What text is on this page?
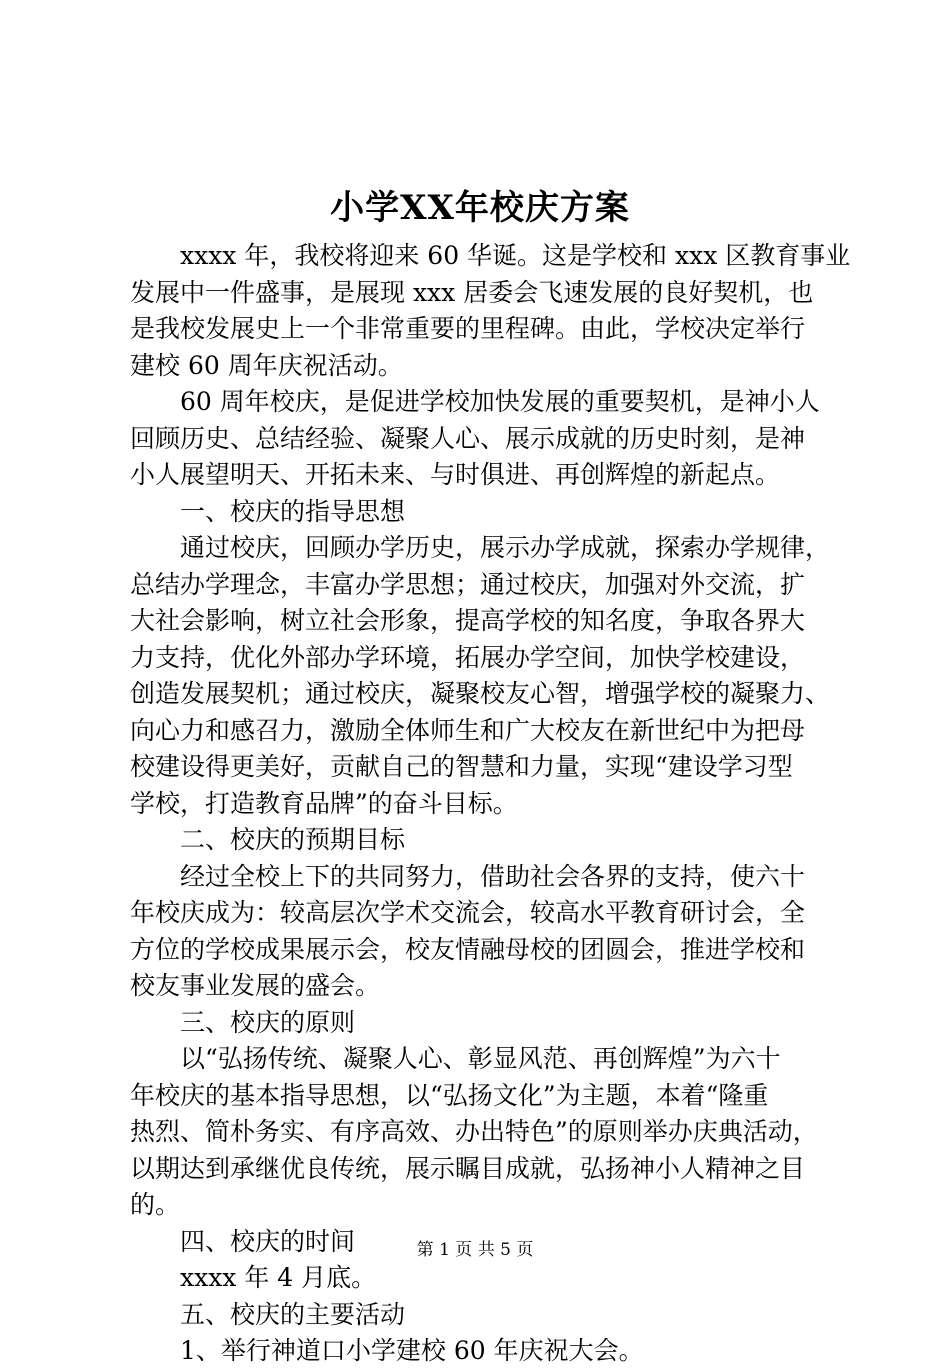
小学XX年校庆方案
xxxx 年，我校将迎来 60 华诞。这是学校和 xxx 区教育事业
发展中一件盛事，是展现 xxx 居委会飞速发展的良好契机，也
是我校发展史上一个非常重要的里程碑。由此，学校决定举行
建校 60 周年庆祝活动。
60 周年校庆，是促进学校加快发展的重要契机，是神小人
回顾历史、总结经验、凝聚人心、展示成就的历史时刻，是神
小人展望明天、开拓未来、与时俱进、再创辉煌的新起点。
一、校庆的指导思想
通过校庆，回顾办学历史，展示办学成就，探索办学规律，
总结办学理念，丰富办学思想；通过校庆，加强对外交流，扩
大社会影响，树立社会形象，提高学校的知名度，争取各界大
力支持，优化外部办学环境，拓展办学空间，加快学校建设，
创造发展契机；通过校庆，凝聚校友心智，增强学校的凝聚力、
向心力和感召力，激励全体师生和广大校友在新世纪中为把母
校建设得更美好，贡献自己的智慧和力量，实现“建设学习型
学校，打造教育品牌”的奋斗目标。
二、校庆的预期目标
经过全校上下的共同努力，借助社会各界的支持，使六十
年校庆成为：较高层次学术交流会，较高水平教育研讨会，全
方位的学校成果展示会，校友情融母校的团圆会，推进学校和
校友事业发展的盛会。
三、校庆的原则
以“弘扬传统、凝聚人心、彰显风范、再创辉煌”为六十
年校庆的基本指导思想，以“弘扬文化”为主题，本着“隆重
热烈、简朴务实、有序高效、办出特色”的原则举办庆典活动，
以期达到承继优良传统，展示瞩目成就，弘扬神小人精神之目
的。
四、校庆的时间
xxxx 年 4 月底。
五、校庆的主要活动
1、举行神道口小学建校 60 年庆祝大会。
第 1 页 共 5 页
